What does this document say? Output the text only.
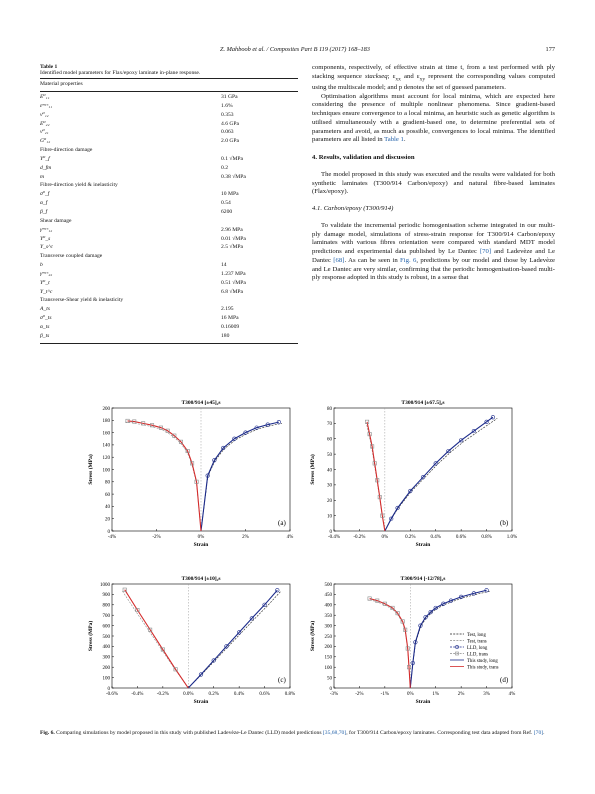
Z. Mahboob et al. / Composites Part B 119 (2017) 168–183	177
Table 1
Identified model parameters for Flax/epoxy laminate in-plane response.
Material properties
E⁰₁₁	31 GPa
εᵐᵃˣ₁₁	1.6%
ν⁰₁₂	0.353
E⁰₂₂	4.6 GPa
ν⁰₂₁	0.063
G⁰₁₂	2.0 GPa
Fibre-direction damage
Y⁰_f	0.1 √MPa
d_fm	0.2
m	0.38 √MPa
Fibre-direction yield & inelasticity
σ⁰_f	10 MPa
α_f	0.54
β_f	6200
Shear damage
γᵐᵃˣ₁₂	2.96 MPa
Y⁰_s	0.01 √MPa
Y_s^c	2.5 √MPa
Transverse coupled damage
b	14
γᵐᵃˣ₂₂	1.237 MPa
Y⁰_t	0.51 √MPa
Y_t^c	6.8 √MPa
Transverse-Shear yield & inelasticity
A_ts	2.195
σ⁰_ts	16 MPa
α_ts	0.16009
β_ts	180

components, respectively, of effective strain at time t, from a test performed with ply stacking sequence stackseq; $\varepsilon_{xx}$ and $\varepsilon_{xy}$ represent the corresponding values computed using the multiscale model; and p denotes the set of guessed parameters.

Optimisation algorithms must account for local minima, which are expected here considering the presence of multiple nonlinear phenomena. Since gradient-based techniques ensure convergence to a local minima, an heuristic such as genetic algorithm is utilised simultaneously with a gradient-based one, to determine preferential sets of parameters and avoid, as much as possible, convergences to local minima. The identified parameters are all listed in Table 1.

4. Results, validation and discussion

The model proposed in this study was executed and the results were validated for both synthetic laminates (T300/914 Carbon/epoxy) and natural fibre-based laminates (Flax/epoxy).

4.1. Carbon/epoxy (T300/914)

To validate the incremental periodic homogenisation scheme integrated in our multi-ply damage model, simulations of stress-strain response for T300/914 Carbon/epoxy laminates with various fibres orientation were compared with standard MDT model predictions and experimental data published by Le Dantec [70] and Ladevèze and Le Dantec [68]. As can be seen in Fig. 6, predictions by our model and those by Ladevèze and Le Dantec are very similar, confirming that the periodic homogenisation-based multi-ply response adopted in this study is robust, in a sense that

T300/914 [±45]₂s
-4%	-2%	0%	2%	4%
0
20
40
60
80
100
120
140
160
180
200
Strain
Stress (MPa)
(a)
T300/914 [±67.5]₂s
-0.4%	-0.2%	0%	0.2%	0.4%	0.6%	0.8%	1.0%
0
10
20
30
40
50
60
70
80
Strain
Stress (MPa)
(b)
T300/914 [±10]₂s
-0.6%	-0.4%	-0.2%	0.0%	0.2%	0.4%	0.6%	0.8%
0
100
200
300
400
500
600
700
800
900
1000
Strain
Stress (MPa)
(c)
T300/914 [-12/78]₂s
-3%	-2%	-1%	0%	1%	2%	3%	4%
0
50
100
150
200
250
300
350
400
450
500
Strain
Stress (MPa)
(d)
Test, long
Test, trans
LLD, long
LLD, trans
This study, long
This study, trans
Fig. 6. Comparing simulations by model proposed in this study with published Ladevèze-Le Dantec (LLD) model predictions [35,68,70], for T300/914 Carbon/epoxy laminates. Corresponding test data adapted from Ref. [70].
